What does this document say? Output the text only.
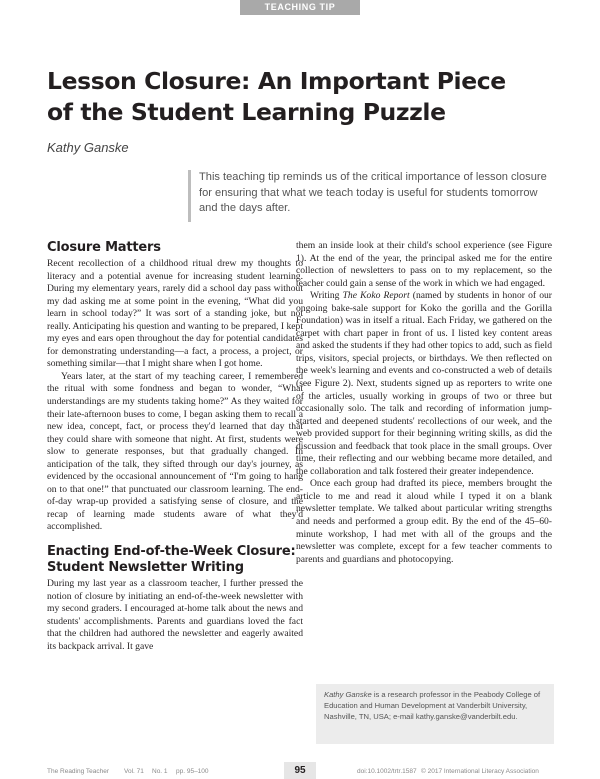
TEACHING TIP
Lesson Closure: An Important Piece
of the Student Learning Puzzle
Kathy Ganske

This teaching tip reminds us of the critical importance of lesson closure for ensuring that what we teach today is useful for students tomorrow and the days after.

Closure Matters

Recent recollection of a childhood ritual drew my thoughts to literacy and a potential avenue for increasing student learning. During my elementary years, rarely did a school day pass without my dad asking me at some point in the evening, “What did you learn in school today?” It was sort of a standing joke, but not really. Anticipating his question and wanting to be prepared, I kept my eyes and ears open throughout the day for potential candidates for demonstrating understanding—a fact, a process, a project, or something similar—that I might share when I got home.

Years later, at the start of my teaching career, I remembered the ritual with some fondness and began to wonder, “What understandings are my students taking home?” As they waited for their late-afternoon buses to come, I began asking them to recall a new idea, concept, fact, or process they'd learned that day that they could share with someone that night. At first, students were slow to generate responses, but that gradually changed. In anticipation of the talk, they sifted through our day's journey, as evidenced by the occasional announcement of “I'm going to hang on to that one!” that punctuated our classroom learning. The end-of-day wrap-up provided a satisfying sense of closure, and the recap of learning made students aware of what they'd accomplished.

Enacting End-of-the-Week Closure:
Student Newsletter Writing

During my last year as a classroom teacher, I further pressed the notion of closure by initiating an end-of-the-week newsletter with my second graders. I encouraged at-home talk about the news and students' accomplishments. Parents and guardians loved the fact that the children had authored the newsletter and eagerly awaited its backpack arrival. It gave

them an inside look at their child's school experience (see Figure 1). At the end of the year, the principal asked me for the entire collection of newsletters to pass on to my replacement, so the teacher could gain a sense of the work in which we had engaged.

Writing The Koko Report (named by students in honor of our ongoing bake-sale support for Koko the gorilla and the Gorilla Foundation) was in itself a ritual. Each Friday, we gathered on the carpet with chart paper in front of us. I listed key content areas and asked the students if they had other topics to add, such as field trips, visitors, special projects, or birthdays. We then reflected on the week's learning and events and co-constructed a web of details (see Figure 2). Next, students signed up as reporters to write one of the articles, usually working in groups of two or three but occasionally solo. The talk and recording of information jump-started and deepened students' recollections of our week, and the web provided support for their beginning writing skills, as did the discussion and feedback that took place in the small groups. Over time, their reflecting and our webbing became more detailed, and the collaboration and talk fostered their greater independence.

Once each group had drafted its piece, members brought the article to me and read it aloud while I typed it on a blank newsletter template. We talked about particular writing strengths and needs and performed a group edit. By the end of the 45–60-minute workshop, I had met with all of the groups and the newsletter was complete, except for a few teacher comments to parents and guardians and photocopying.

Kathy Ganske is a research professor in the Peabody College of Education and Human Development at Vanderbilt University, Nashville, TN, USA; e-mail kathy.ganske@vanderbilt.edu.

The Reading Teacher Vol. 71 No. 1 pp. 95–100	doi:10.1002/trtr.1587 © 2017 International Literacy Association
95
